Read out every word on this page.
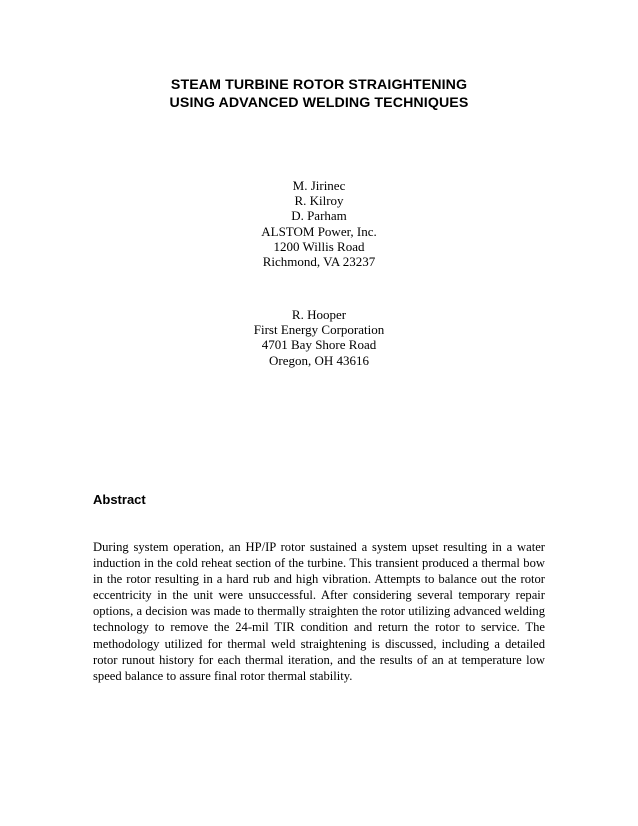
STEAM TURBINE ROTOR STRAIGHTENING
USING ADVANCED WELDING TECHNIQUES
M. Jirinec
R. Kilroy
D. Parham
ALSTOM Power, Inc.
1200 Willis Road
Richmond, VA 23237
R. Hooper
First Energy Corporation
4701 Bay Shore Road
Oregon, OH 43616
Abstract
During system operation, an HP/IP rotor sustained a system upset resulting in a water
induction in the cold reheat section of the turbine. This transient produced a thermal bow
in the rotor resulting in a hard rub and high vibration. Attempts to balance out the rotor
eccentricity in the unit were unsuccessful. After considering several temporary repair
options, a decision was made to thermally straighten the rotor utilizing advanced welding
technology to remove the 24-mil TIR condition and return the rotor to service. The
methodology utilized for thermal weld straightening is discussed, including a detailed
rotor runout history for each thermal iteration, and the results of an at temperature low
speed balance to assure final rotor thermal stability.
